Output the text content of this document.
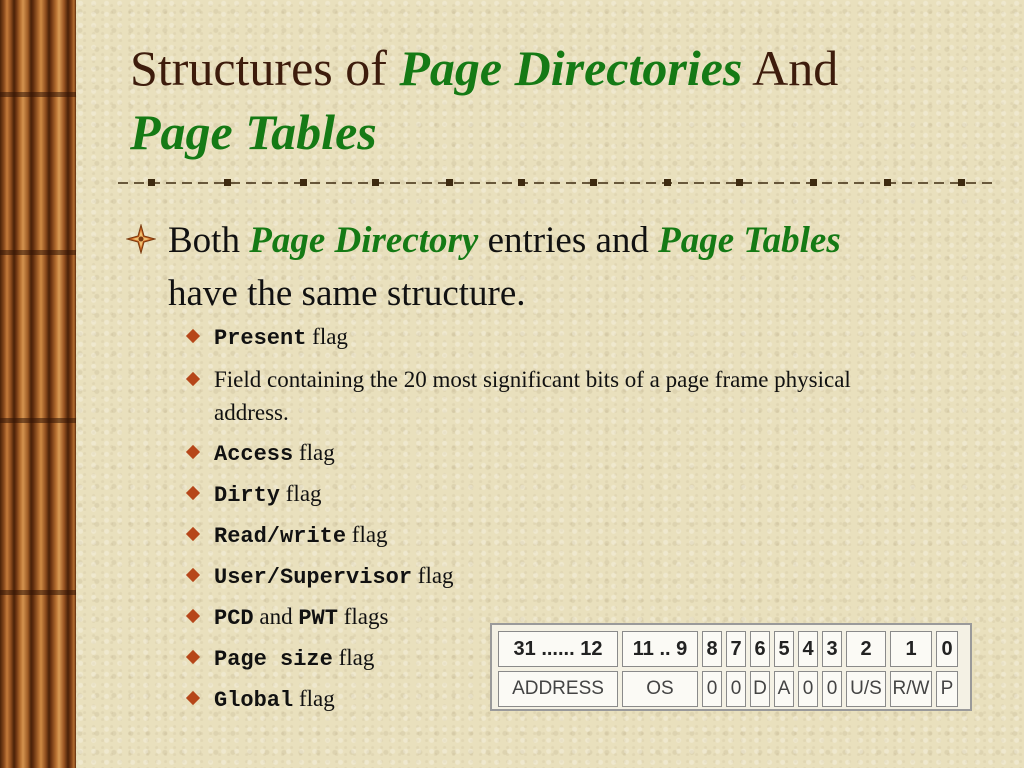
Structures of Page Directories And
Page Tables
Both Page Directory entries and Page Tables have the same structure.
Present flag
Field containing the 20 most significant bits of a page frame physical address.
Access flag
Dirty flag
Read/write flag
User/Supervisor flag
PCD and PWT flags
Page size flag
Global flag
31 ...... 12	11 .. 9	8	7	6	5	4	3	2	1	0
ADDRESS	OS	0	0	D	A	0	0	U/S	R/W	P
